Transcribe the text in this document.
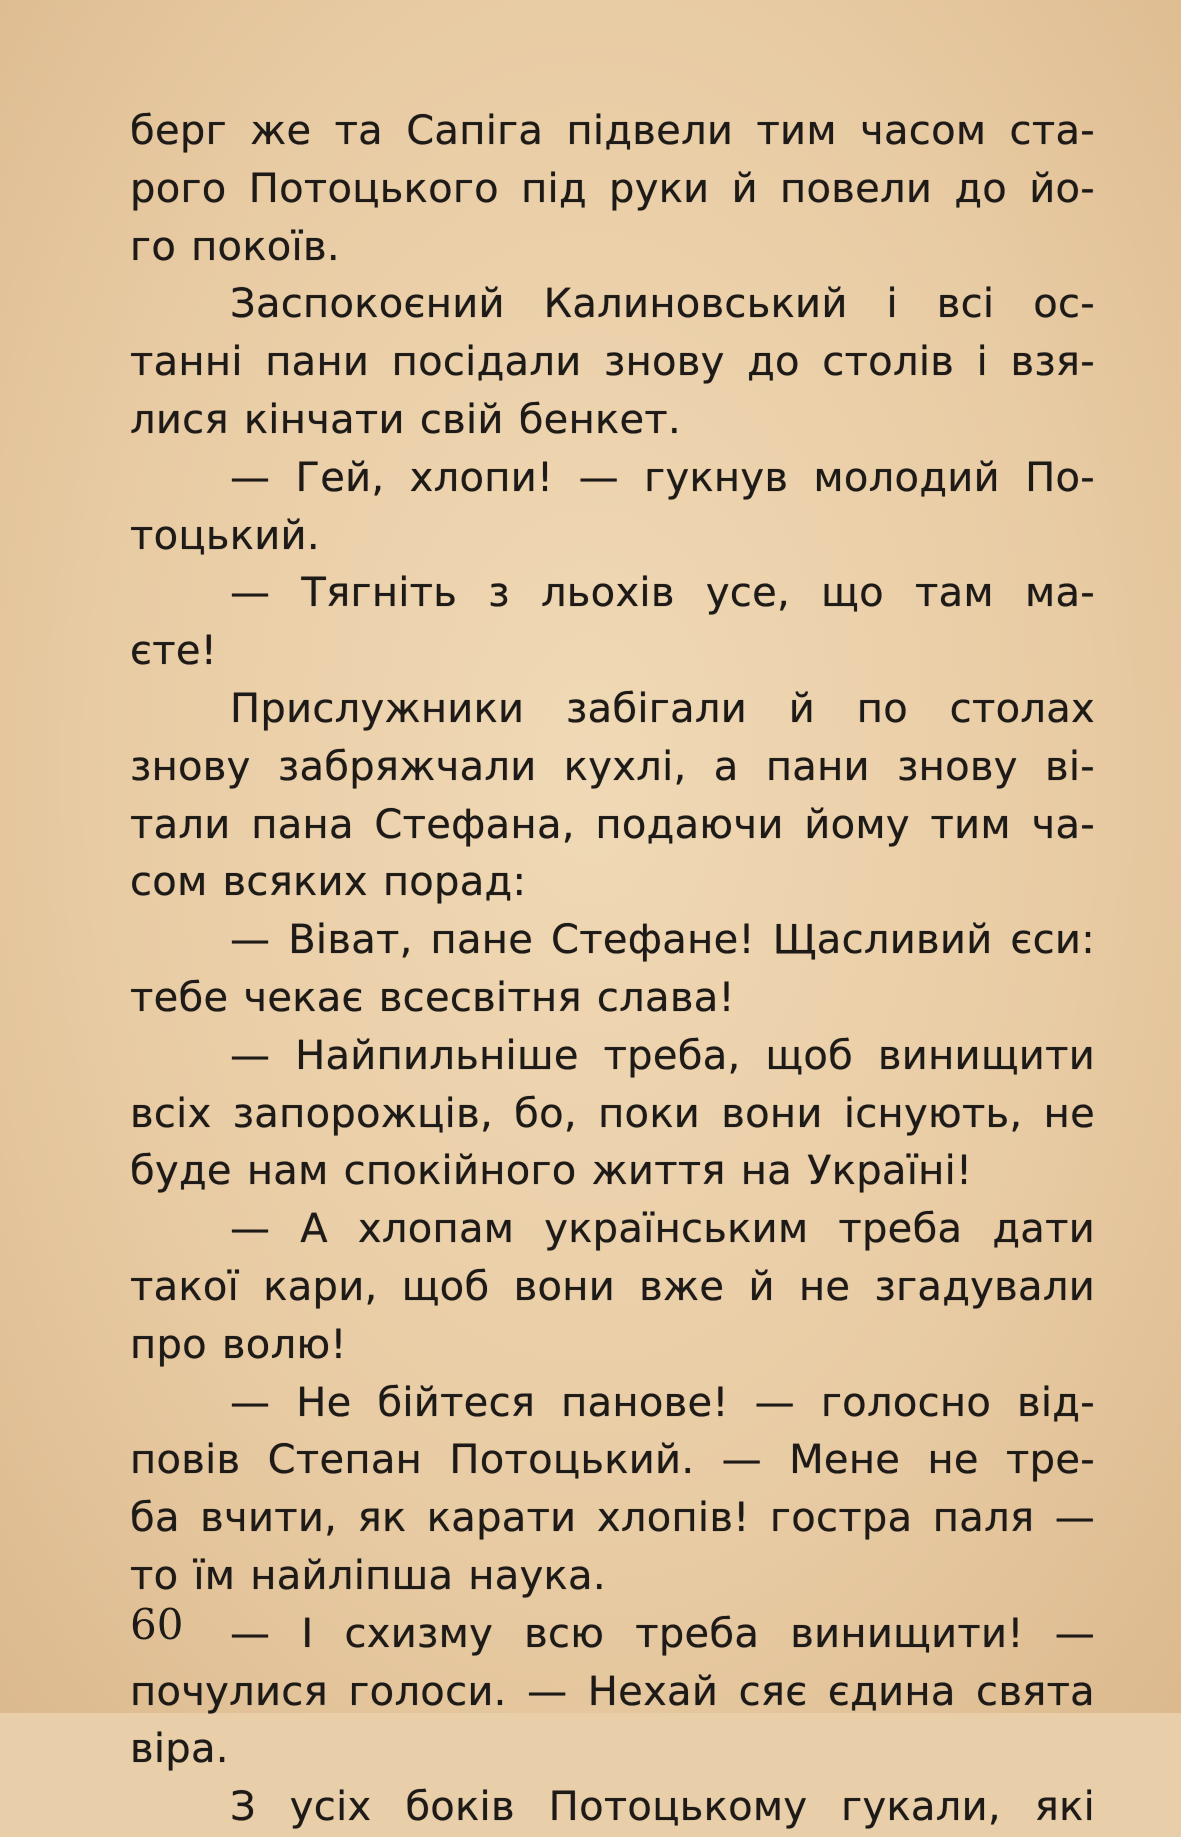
берг же та Сапіга підвели тим часом ста-
рого Потоцького під руки й повели до йо-
го покоїв.
Заспокоєний Калиновський і всі ос-
танні пани посідали знову до столів і взя-
лися кінчати свій бенкет.
— Гей, хлопи! — гукнув молодий По-
тоцький.
— Тягніть з льохів усе, що там ма-
єте!
Прислужники забігали й по столах
знову забряжчали кухлі, а пани знову ві-
тали пана Стефана, подаючи йому тим ча-
сом всяких порад:
— Віват, пане Стефане! Щасливий єси:
тебе чекає всесвітня слава!
— Найпильніше треба, щоб винищити
всіх запорожців, бо, поки вони існують, не
буде нам спокійного життя на Україні!
— А хлопам українським треба дати
такої кари, щоб вони вже й не згадували
про волю!
— Не бійтеся панове! — голосно від-
повів Степан Потоцький. — Мене не тре-
ба вчити, як карати хлопів! гостра паля —
то їм найліпша наука.
— І схизму всю треба винищити! —
почулися голоси. — Нехай сяє єдина свята
віра.
З усіх боків Потоцькому гукали, які
60
